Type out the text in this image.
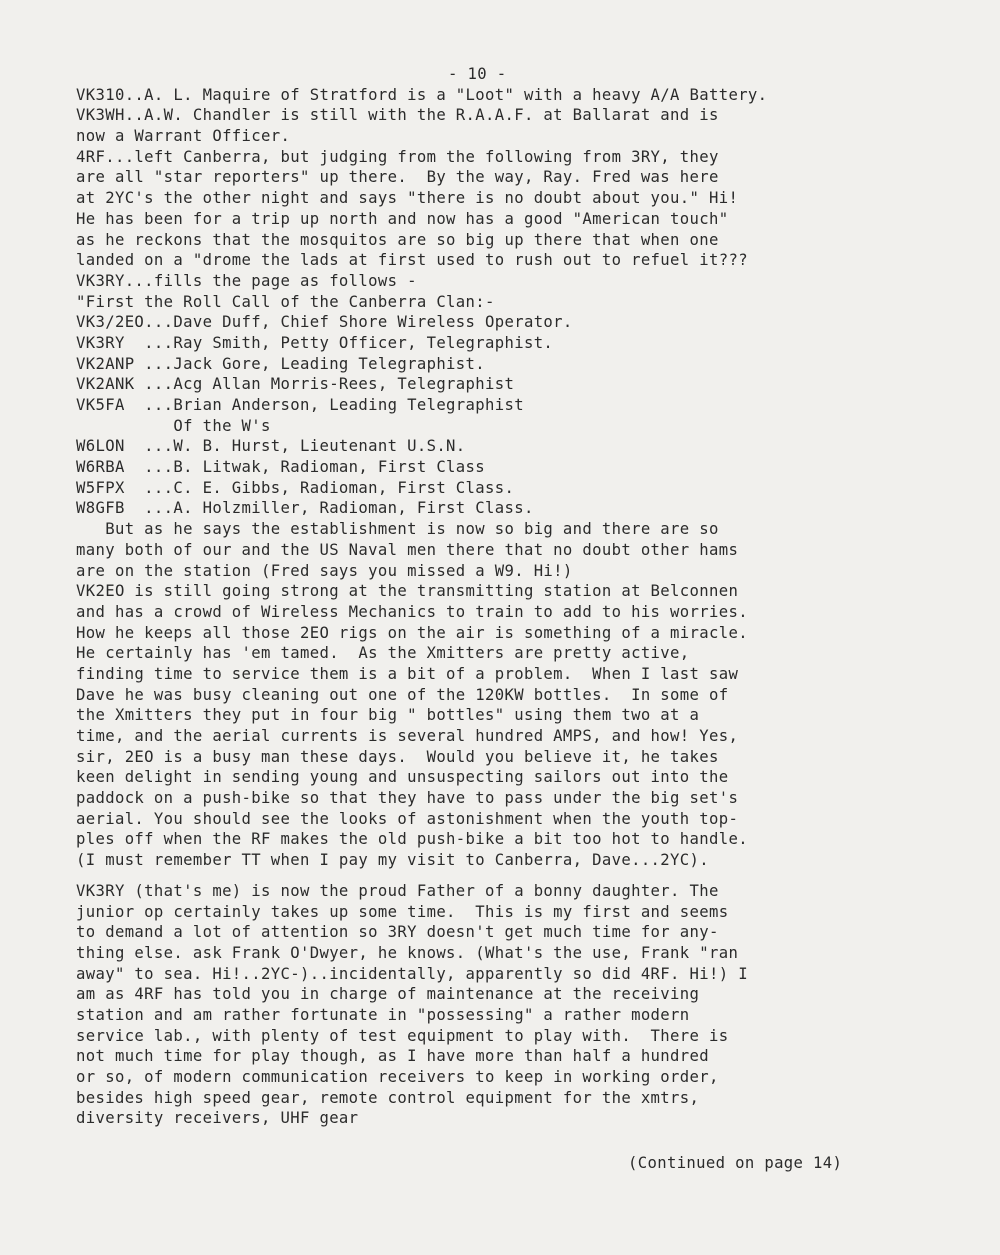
- 10 -
VK310..A. L. Maquire of Stratford is a "Loot" with a heavy A/A Battery.
VK3WH..A.W. Chandler is still with the R.A.A.F. at Ballarat and is
now a Warrant Officer.
4RF...left Canberra, but judging from the following from 3RY, they
are all "star reporters" up there.  By the way, Ray. Fred was here
at 2YC's the other night and says "there is no doubt about you." Hi!
He has been for a trip up north and now has a good "American touch"
as he reckons that the mosquitos are so big up there that when one
landed on a "drome the lads at first used to rush out to refuel it???
VK3RY...fills the page as follows -
"First the Roll Call of the Canberra Clan:-
VK3/2EO...Dave Duff, Chief Shore Wireless Operator.
VK3RY  ...Ray Smith, Petty Officer, Telegraphist.
VK2ANP ...Jack Gore, Leading Telegraphist.
VK2ANK ...Acg Allan Morris-Rees, Telegraphist
VK5FA  ...Brian Anderson, Leading Telegraphist
Of the W's
W6LON  ...W. B. Hurst, Lieutenant U.S.N.
W6RBA  ...B. Litwak, Radioman, First Class
W5FPX  ...C. E. Gibbs, Radioman, First Class.
W8GFB  ...A. Holzmiller, Radioman, First Class.
But as he says the establishment is now so big and there are so
many both of our and the US Naval men there that no doubt other hams
are on the station (Fred says you missed a W9. Hi!)
VK2EO is still going strong at the transmitting station at Belconnen
and has a crowd of Wireless Mechanics to train to add to his worries.
How he keeps all those 2EO rigs on the air is something of a miracle.
He certainly has 'em tamed.  As the Xmitters are pretty active,
finding time to service them is a bit of a problem.  When I last saw
Dave he was busy cleaning out one of the 120KW bottles.  In some of
the Xmitters they put in four big " bottles" using them two at a
time, and the aerial currents is several hundred AMPS, and how! Yes,
sir, 2EO is a busy man these days.  Would you believe it, he takes
keen delight in sending young and unsuspecting sailors out into the
paddock on a push-bike so that they have to pass under the big set's
aerial. You should see the looks of astonishment when the youth top-
ples off when the RF makes the old push-bike a bit too hot to handle.
(I must remember TT when I pay my visit to Canberra, Dave...2YC).
VK3RY (that's me) is now the proud Father of a bonny daughter. The
junior op certainly takes up some time.  This is my first and seems
to demand a lot of attention so 3RY doesn't get much time for any-
thing else. ask Frank O'Dwyer, he knows. (What's the use, Frank "ran
away" to sea. Hi!..2YC-)..incidentally, apparently so did 4RF. Hi!) I
am as 4RF has told you in charge of maintenance at the receiving
station and am rather fortunate in "possessing" a rather modern
service lab., with plenty of test equipment to play with.  There is
not much time for play though, as I have more than half a hundred
or so, of modern communication receivers to keep in working order,
besides high speed gear, remote control equipment for the xmtrs,
diversity receivers, UHF gear
(Continued on page 14)
